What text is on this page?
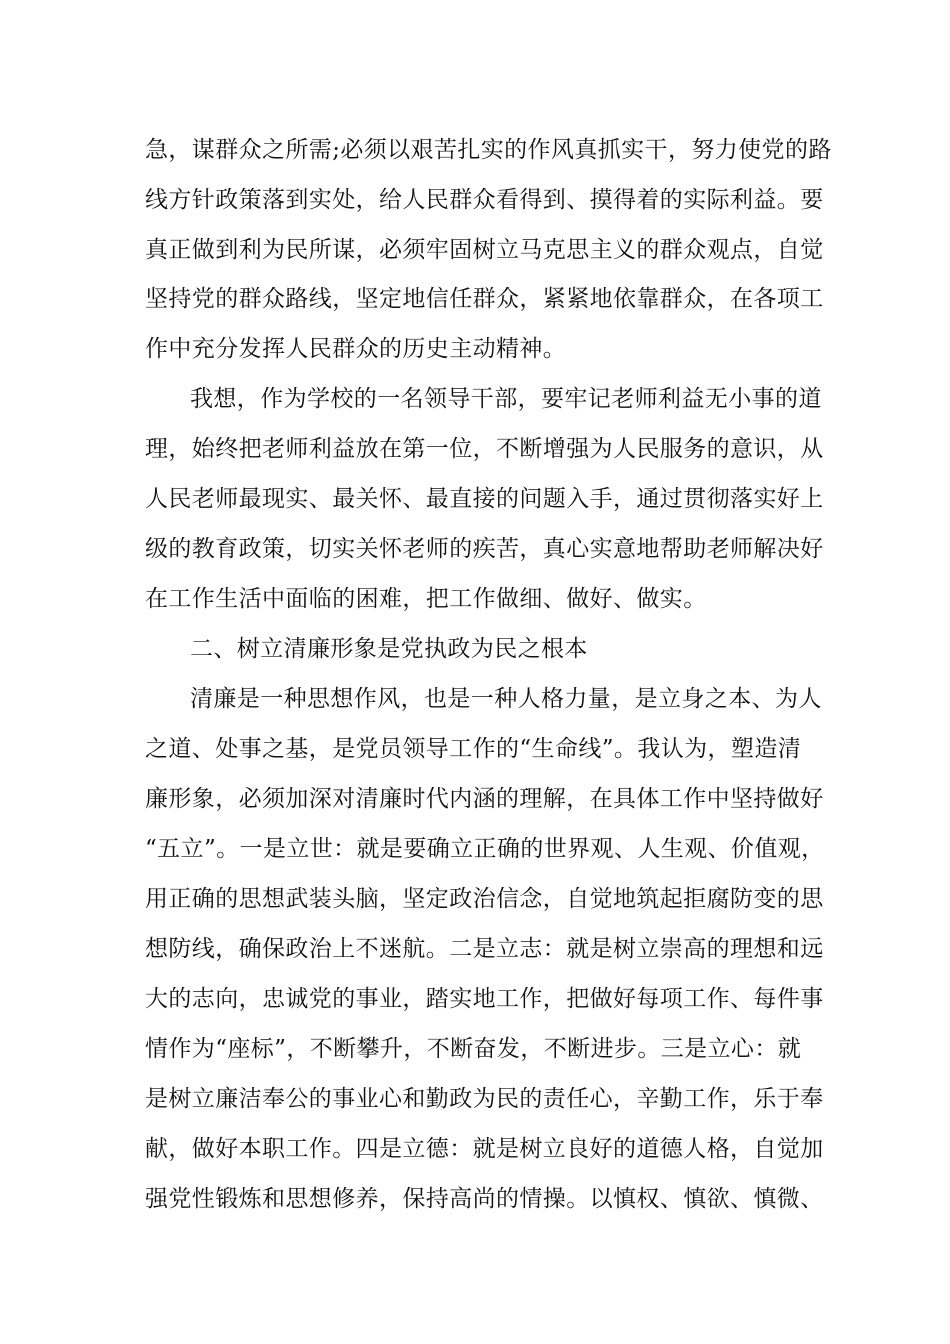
急，谋群众之所需;必须以艰苦扎实的作风真抓实干，努力使党的路
线方针政策落到实处，给人民群众看得到、摸得着的实际利益。要
真正做到利为民所谋，必须牢固树立马克思主义的群众观点，自觉
坚持党的群众路线，坚定地信任群众，紧紧地依靠群众，在各项工
作中充分发挥人民群众的历史主动精神。
我想，作为学校的一名领导干部，要牢记老师利益无小事的道
理，始终把老师利益放在第一位，不断增强为人民服务的意识，从
人民老师最现实、最关怀、最直接的问题入手，通过贯彻落实好上
级的教育政策，切实关怀老师的疾苦，真心实意地帮助老师解决好
在工作生活中面临的困难，把工作做细、做好、做实。
二、树立清廉形象是党执政为民之根本
清廉是一种思想作风，也是一种人格力量，是立身之本、为人
之道、处事之基，是党员领导工作的“生命线”。我认为，塑造清
廉形象，必须加深对清廉时代内涵的理解，在具体工作中坚持做好
“五立”。一是立世：就是要确立正确的世界观、人生观、价值观，
用正确的思想武装头脑，坚定政治信念，自觉地筑起拒腐防变的思
想防线，确保政治上不迷航。二是立志：就是树立崇高的理想和远
大的志向，忠诚党的事业，踏实地工作，把做好每项工作、每件事
情作为“座标”，不断攀升，不断奋发，不断进步。三是立心：就
是树立廉洁奉公的事业心和勤政为民的责任心，辛勤工作，乐于奉
献，做好本职工作。四是立德：就是树立良好的道德人格，自觉加
强党性锻炼和思想修养，保持高尚的情操。以慎权、慎欲、慎微、
